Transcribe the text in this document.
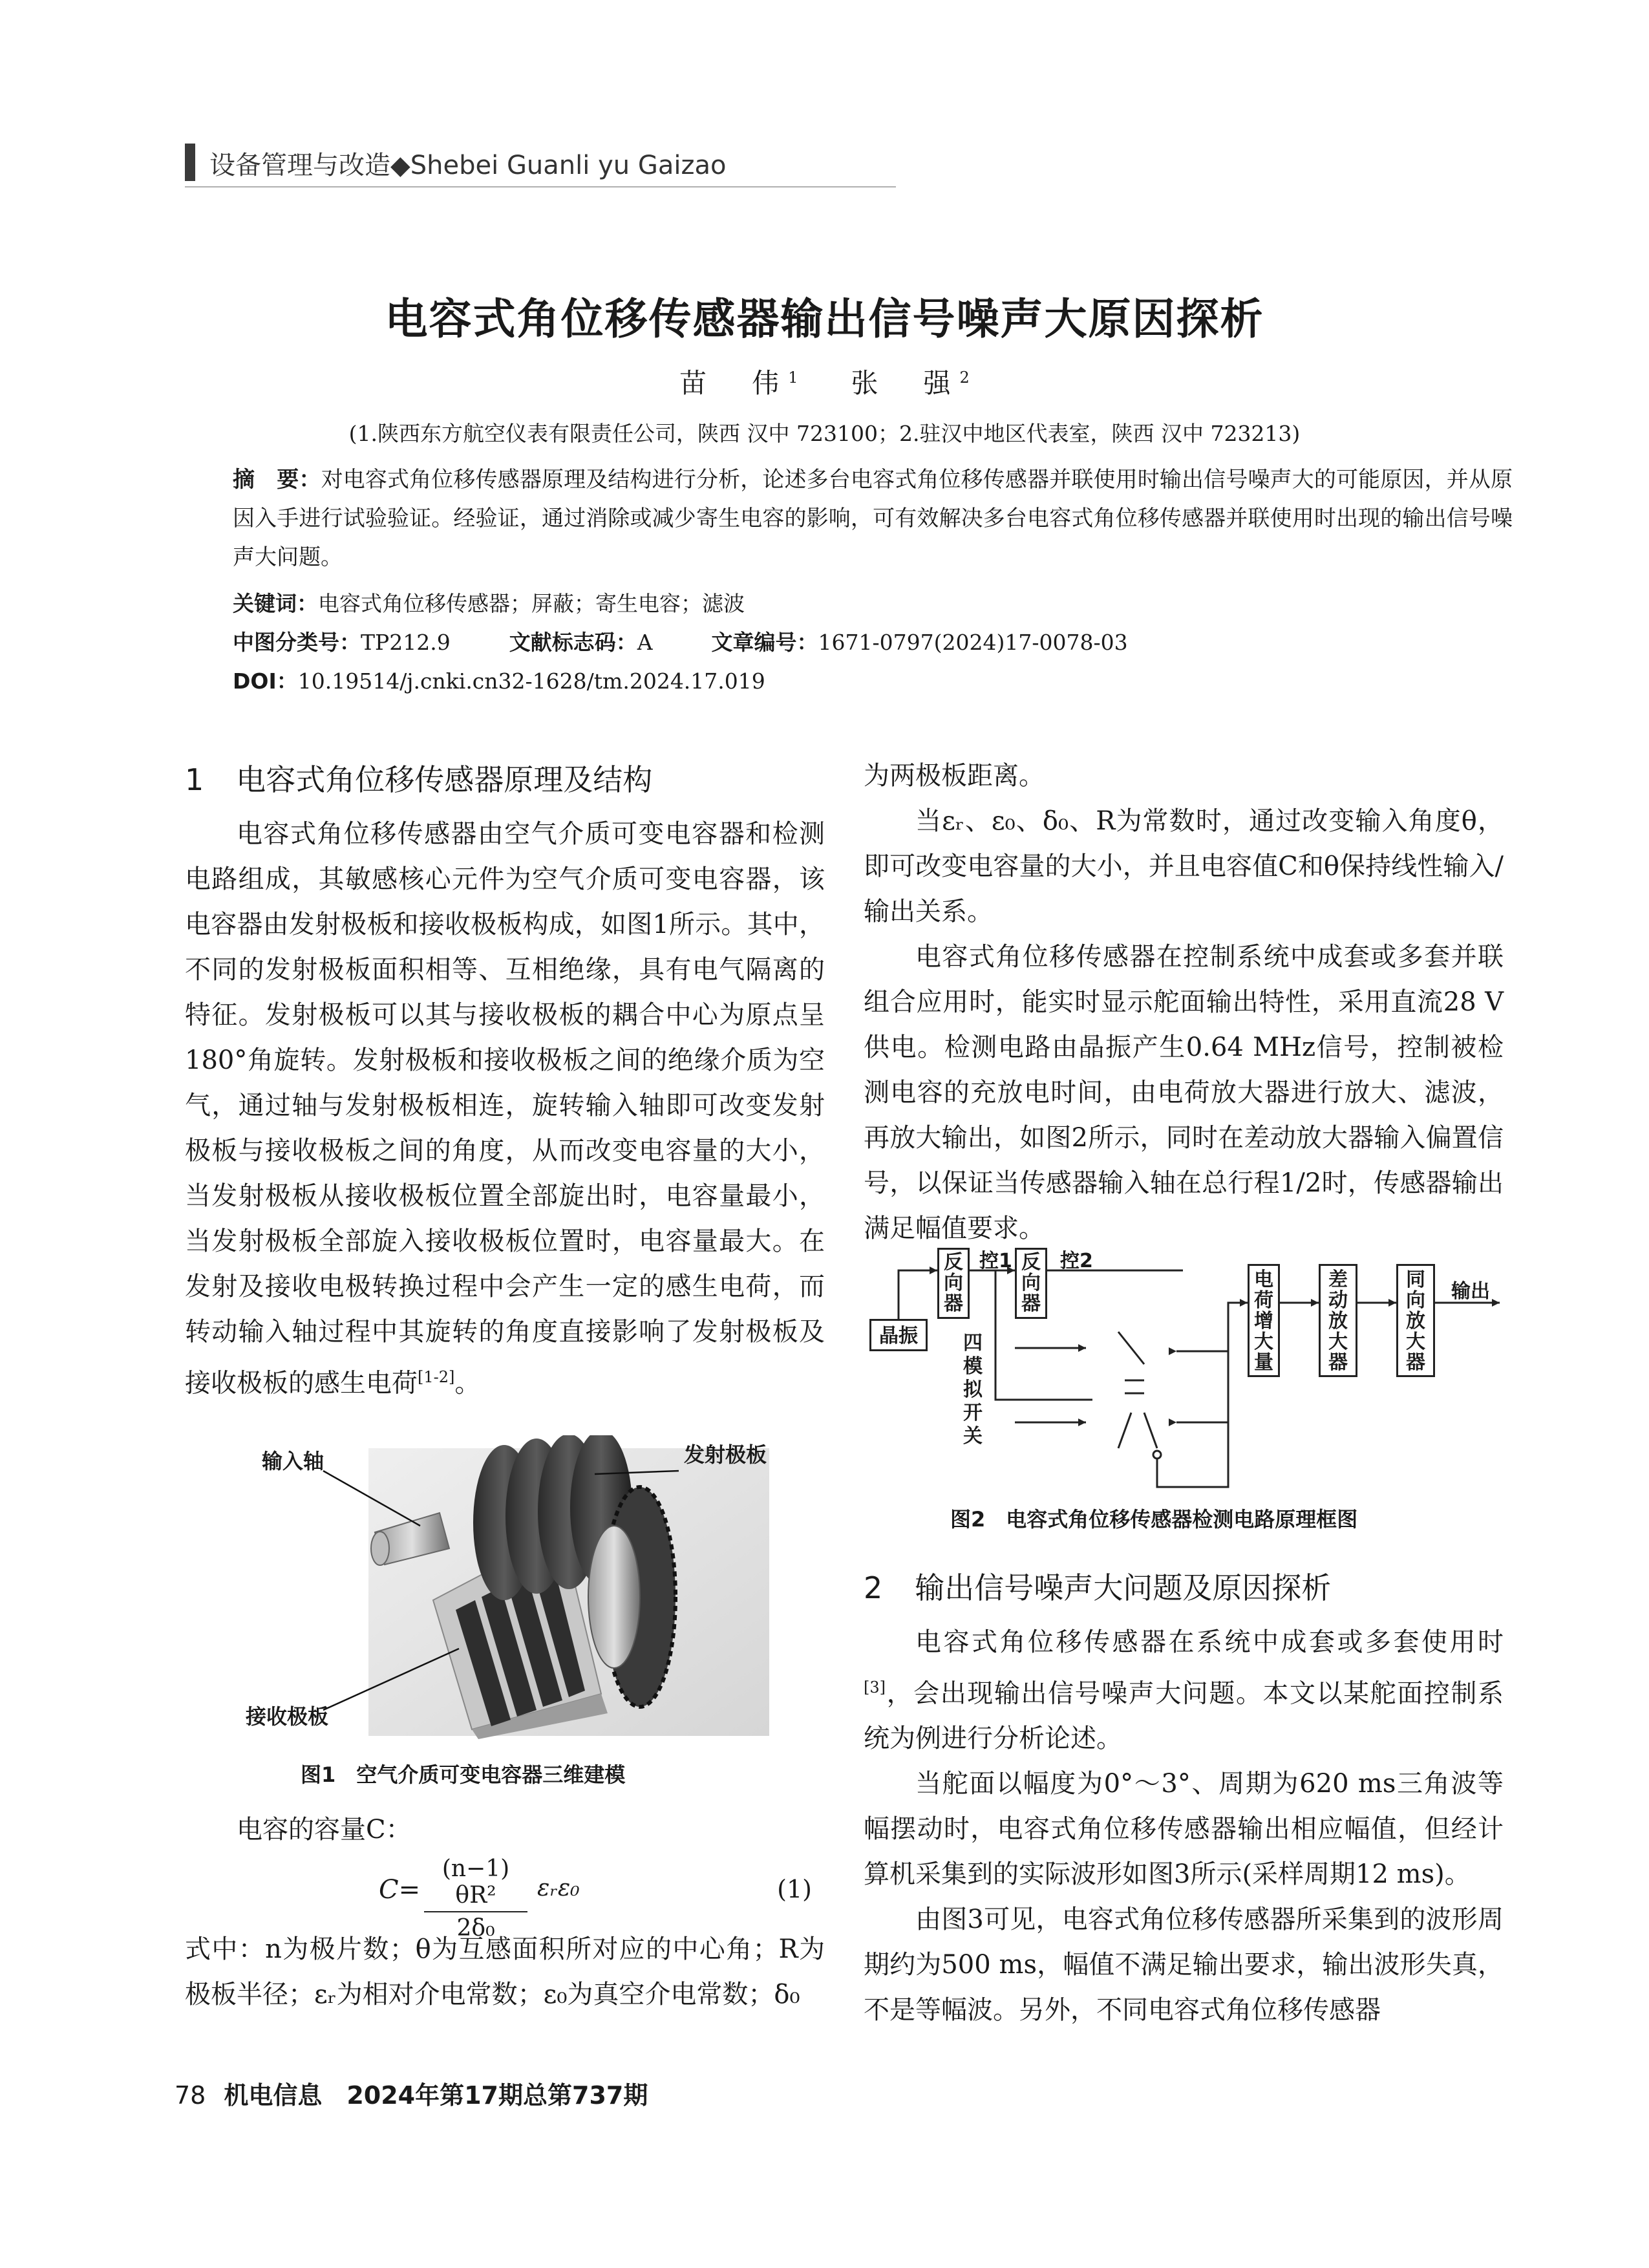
设备管理与改造◆Shebei Guanli yu Gaizao
电容式角位移传感器输出信号噪声大原因探析
苗　伟$^1$ 张　强$^2$
(1.陕西东方航空仪表有限责任公司，陕西 汉中 723100；2.驻汉中地区代表室，陕西 汉中 723213)
摘　要：对电容式角位移传感器原理及结构进行分析，论述多台电容式角位移传感器并联使用时输出信号噪声大的可能原因，并从原因入手进行试验验证。经验证，通过消除或减少寄生电容的影响，可有效解决多台电容式角位移传感器并联使用时出现的输出信号噪声大问题。
关键词：电容式角位移传感器；屏蔽；寄生电容；滤波
中图分类号：TP212.9	文献标志码：A	文章编号：1671-0797(2024)17-0078-03
DOI：10.19514/j.cnki.cn32-1628/tm.2024.17.019
1 电容式角位移传感器原理及结构

电容式角位移传感器由空气介质可变电容器和检测电路组成，其敏感核心元件为空气介质可变电容器，该电容器由发射极板和接收极板构成，如图1所示。其中，不同的发射极板面积相等、互相绝缘，具有电气隔离的特征。发射极板可以其与接收极板的耦合中心为原点呈180°角旋转。发射极板和接收极板之间的绝缘介质为空气，通过轴与发射极板相连，旋转输入轴即可改变发射极板与接收极板之间的角度，从而改变电容量的大小，当发射极板从接收极板位置全部旋出时，电容量最小，当发射极板全部旋入接收极板位置时，电容量最大。在发射及接收电极转换过程中会产生一定的感生电荷，而转动输入轴过程中其旋转的角度直接影响了发射极板及接收极板的感生电荷[1-2]。

输入轴	发射极板
接收极板
图1　空气介质可变电容器三维建模

电容的容量C：

$C= \frac{\text{(n−1) θR²}}{\text{2δ₀}}$ εᵣε₀	(1)

式中：n为极片数；θ为互感面积所对应的中心角；R为极板半径；εᵣ为相对介电常数；ε₀为真空介电常数；δ₀

为两极板距离。

当εᵣ、ε₀、δ₀、R为常数时，通过改变输入角度θ，即可改变电容量的大小，并且电容值C和θ保持线性输入/输出关系。

电容式角位移传感器在控制系统中成套或多套并联组合应用时，能实时显示舵面输出特性，采用直流28 V供电。检测电路由晶振产生0.64 MHz信号，控制被检测电容的充放电时间，由电荷放大器进行放大、滤波，再放大输出，如图2所示，同时在差动放大器输入偏置信号，以保证当传感器输入轴在总行程1/2时，传感器输出满足幅值要求。

晶振
反向器
控1 反向器
控2
四模拟开关
电荷增大量
差动放大器
同向放大器
输出
图2　电容式角位移传感器检测电路原理框图
2 输出信号噪声大问题及原因探析

电容式角位移传感器在系统中成套或多套使用时[3]，会出现输出信号噪声大问题。本文以某舵面控制系统为例进行分析论述。

当舵面以幅度为0°～3°、周期为620 ms三角波等幅摆动时，电容式角位移传感器输出相应幅值，但经计算机采集到的实际波形如图3所示(采样周期12 ms)。

由图3可见，电容式角位移传感器所采集到的波形周期约为500 ms，幅值不满足输出要求，输出波形失真，不是等幅波。另外，不同电容式角位移传感器

78 机电信息　2024年第17期总第737期
